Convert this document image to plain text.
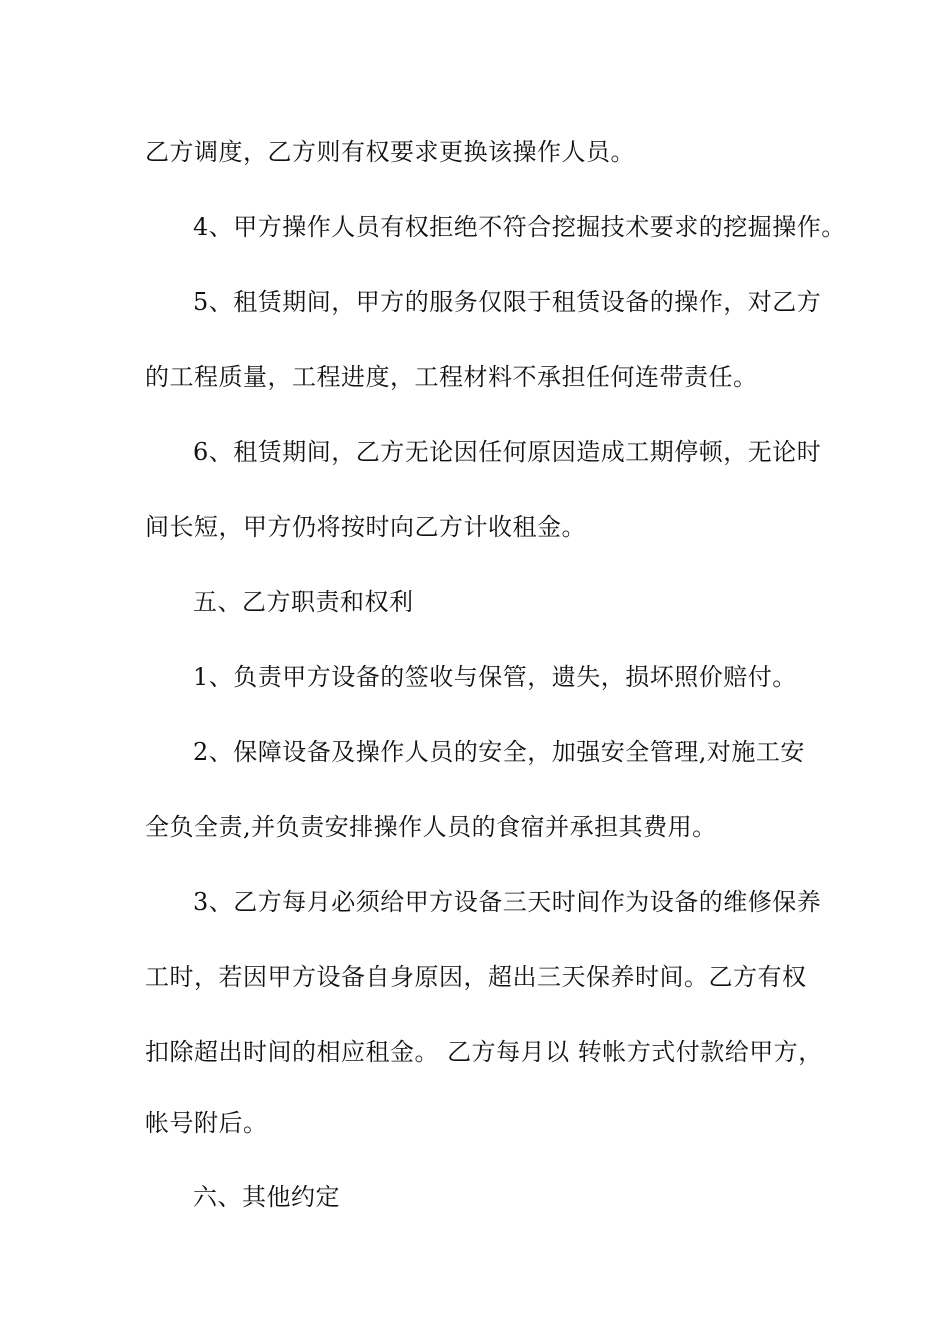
乙方调度，乙方则有权要求更换该操作人员。
4、甲方操作人员有权拒绝不符合挖掘技术要求的挖掘操作。
5、租赁期间，甲方的服务仅限于租赁设备的操作，对乙方
的工程质量，工程进度，工程材料不承担任何连带责任。
6、租赁期间，乙方无论因任何原因造成工期停顿，无论时
间长短，甲方仍将按时向乙方计收租金。
五、乙方职责和权利
1、负责甲方设备的签收与保管，遗失，损坏照价赔付。
2、保障设备及操作人员的安全，加强安全管理,对施工安
全负全责,并负责安排操作人员的食宿并承担其费用。
3、乙方每月必须给甲方设备三天时间作为设备的维修保养
工时，若因甲方设备自身原因，超出三天保养时间。乙方有权
扣除超出时间的相应租金。 乙方每月以 转帐方式付款给甲方，
帐号附后。
六、其他约定
